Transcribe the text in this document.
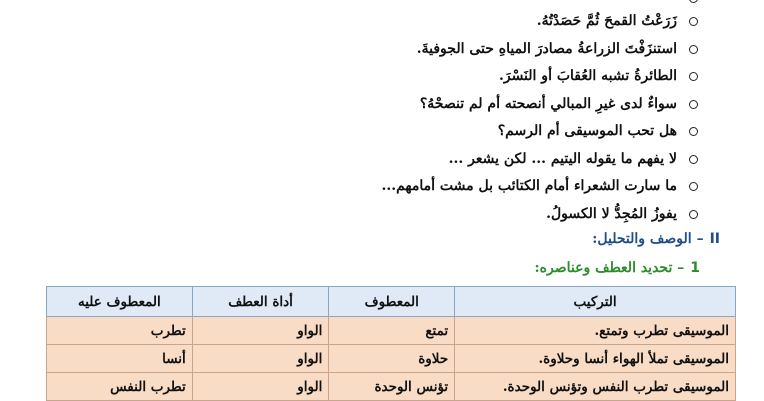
زَرَعْتُ القمحَ ثُمَّ حَصَدْتُهُ.
استنزَفْتَ الزراعةُ مصادرَ المياهِ حتى الجوفيةَ.
الطائرةُ تشبه العُقابَ أو النَسْرَ.
سواءٌ لدى غيرِ المبالي أنصحته أم لم تنصحْهُ؟
هل تحب الموسيقى أم الرسم؟
لا يفهم ما يقوله اليتيم ... لكن يشعر ...
ما سارت الشعراء أمام الكتائب بل مشت أمامهم...
يفوزُ المُجِدُّ لا الكسولُ.
II– الوصف والتحليل:
1– تحديد العطف وعناصره:
التركيب	المعطوف	أداة العطف	المعطوف عليه
الموسيقى تطرب وتمتع.	تمتع	الواو	تطرب
الموسيقى تملأ الهواء أنسا وحلاوة.	حلاوة	الواو	أنسا
الموسيقى تطرب النفس وتؤنس الوحدة.	تؤنس الوحدة	الواو	تطرب النفس
